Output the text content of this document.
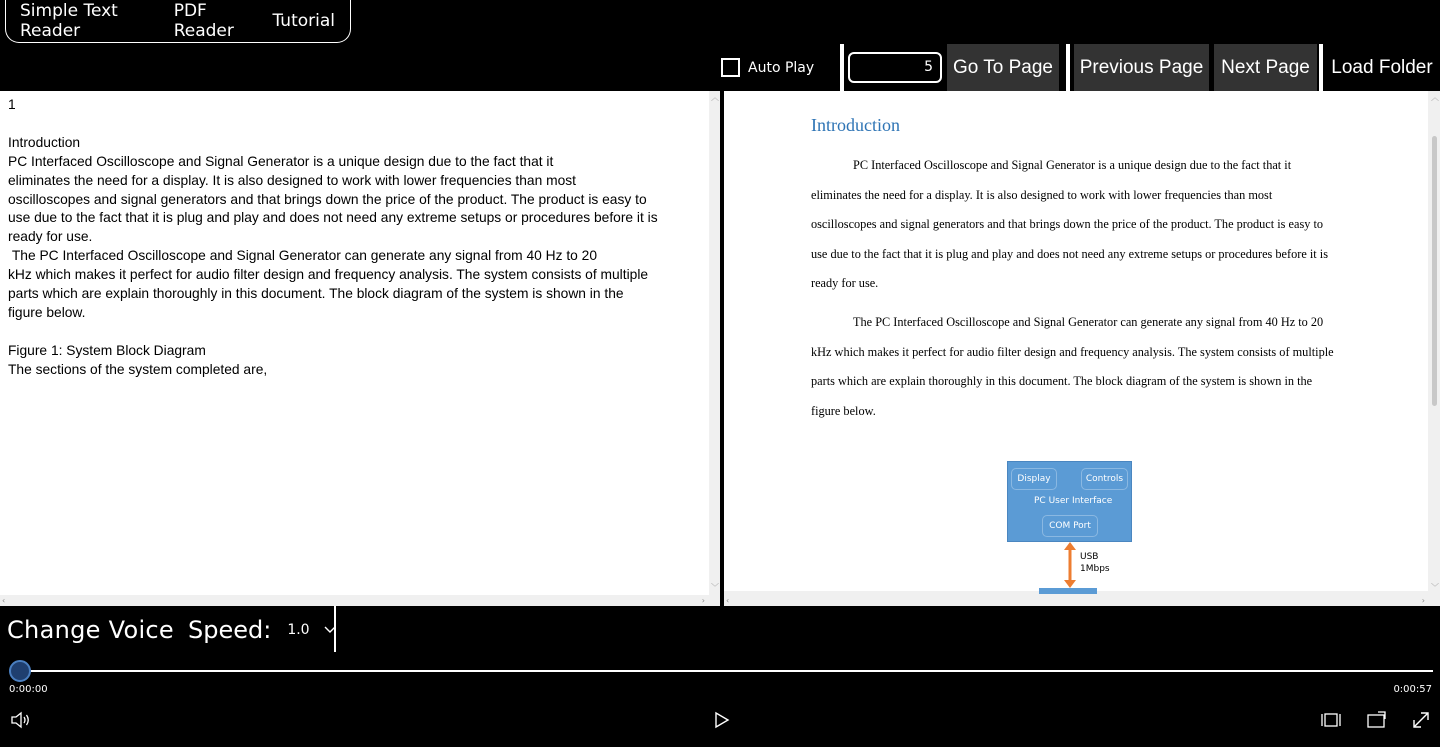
Simple Text Reader
PDF Reader	Tutorial
Auto Play	5	Go To Page	Previous Page Next Page	Load Folder
1

Introduction
PC Interfaced Oscilloscope and Signal Generator is a unique design due to the fact that it
eliminates the need for a display. It is also designed to work with lower frequencies than most
oscilloscopes and signal generators and that brings down the price of the product. The product is easy to
use due to the fact that it is plug and play and does not need any extreme setups or procedures before it is
ready for use.
The PC Interfaced Oscilloscope and Signal Generator can generate any signal from 40 Hz to 20
kHz which makes it perfect for audio filter design and frequency analysis. The system consists of multiple
parts which are explain thoroughly in this document. The block diagram of the system is shown in the
figure below.

Figure 1: System Block Diagram
The sections of the system completed are,
︿
﹀
‹	›
Introduction
PC Interfaced Oscilloscope and Signal Generator is a unique design due to the fact that it
eliminates the need for a display. It is also designed to work with lower frequencies than most
oscilloscopes and signal generators and that brings down the price of the product. The product is easy to
use due to the fact that it is plug and play and does not need any extreme setups or procedures before it is
ready for use.
The PC Interfaced Oscilloscope and Signal Generator can generate any signal from 40 Hz to 20
kHz which makes it perfect for audio filter design and frequency analysis. The system consists of multiple
parts which are explain thoroughly in this document. The block diagram of the system is shown in the
figure below.
Display	Controls
PC User Interface
COM Port
USB
1Mbps
︿
﹀
‹	›
Change Voice Speed: 1.0
0:00:00	0:00:57
